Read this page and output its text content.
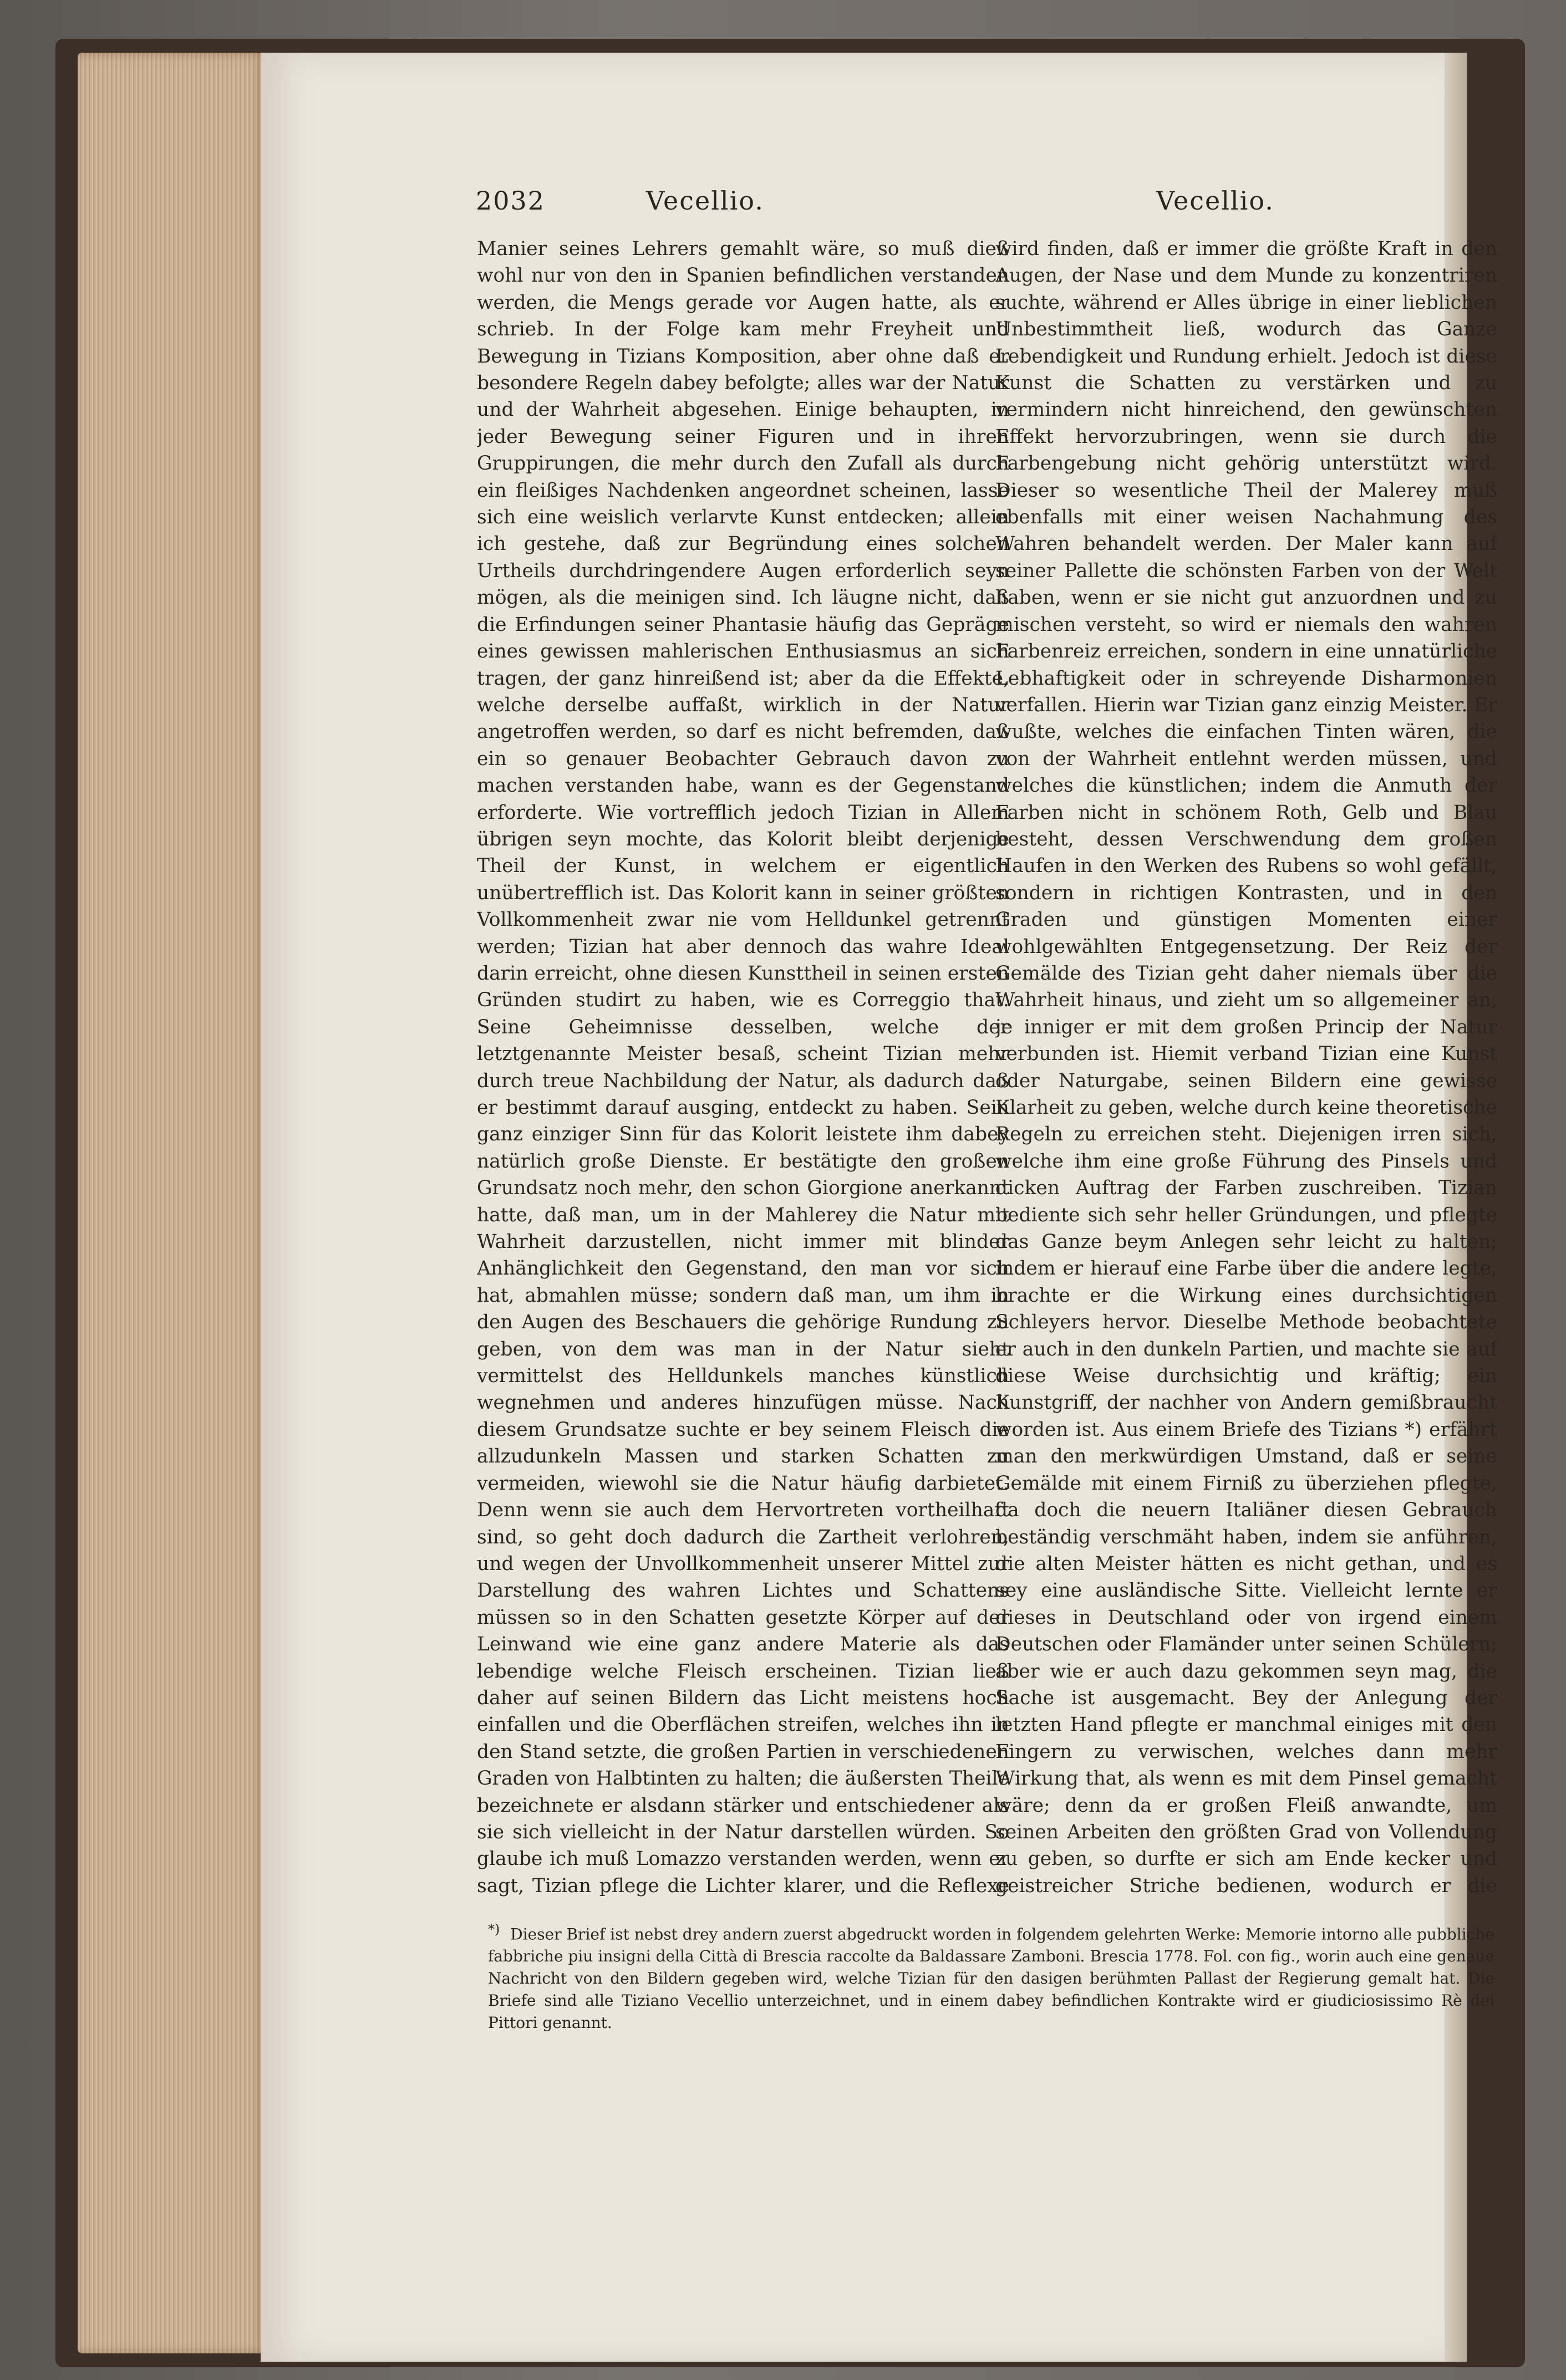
2032	Vecellio.	Vecellio.

Manier seines Lehrers gemahlt wäre, so muß dieß wohl nur von den in Spanien befindlichen verstanden werden, die Mengs gerade vor Augen hatte, als er schrieb. In der Folge kam mehr Freyheit und Bewegung in Tizians Komposition, aber ohne daß er besondere Regeln dabey befolgte; alles war der Natur und der Wahrheit abgesehen. Einige behaupten, in jeder Bewegung seiner Figuren und in ihren Gruppirungen, die mehr durch den Zufall als durch ein fleißiges Nachdenken angeordnet scheinen, lasse sich eine weislich verlarvte Kunst entdecken; allein ich gestehe, daß zur Begründung eines solchen Urtheils durchdringendere Augen erforderlich seyn mögen, als die meinigen sind. Ich läugne nicht, daß die Erfindungen seiner Phantasie häufig das Gepräge eines gewissen mahlerischen Enthusiasmus an sich tragen, der ganz hinreißend ist; aber da die Effekte, welche derselbe auffaßt, wirklich in der Natur angetroffen werden, so darf es nicht befremden, daß ein so genauer Beobachter Gebrauch davon zu machen verstanden habe, wann es der Gegenstand erforderte. Wie vortrefflich jedoch Tizian in Allem übrigen seyn mochte, das Kolorit bleibt derjenige Theil der Kunst, in welchem er eigentlich unübertrefflich ist. Das Kolorit kann in seiner größten Vollkommenheit zwar nie vom Helldunkel getrennt werden; Tizian hat aber dennoch das wahre Ideal darin erreicht, ohne diesen Kunsttheil in seinen ersten Gründen studirt zu haben, wie es Correggio that. Seine Geheimnisse desselben, welche der letztgenannte Meister besaß, scheint Tizian mehr durch treue Nachbildung der Natur, als dadurch daß er bestimmt darauf ausging, entdeckt zu haben. Sein ganz einziger Sinn für das Kolorit leistete ihm dabey natürlich große Dienste. Er bestätigte den großen Grundsatz noch mehr, den schon Giorgione anerkannt hatte, daß man, um in der Mahlerey die Natur mit Wahrheit darzustellen, nicht immer mit blinder Anhänglichkeit den Gegenstand, den man vor sich hat, abmahlen müsse; sondern daß man, um ihm in den Augen des Beschauers die gehörige Rundung zu geben, von dem was man in der Natur sieht vermittelst des Helldunkels manches künstlich wegnehmen und anderes hinzufügen müsse. Nach diesem Grundsatze suchte er bey seinem Fleisch die allzudunkeln Massen und starken Schatten zu vermeiden, wiewohl sie die Natur häufig darbietet. Denn wenn sie auch dem Hervortreten vortheilhaft sind, so geht doch dadurch die Zartheit verlohren, und wegen der Unvollkommenheit unserer Mittel zur Darstellung des wahren Lichtes und Schattens müssen so in den Schatten gesetzte Körper auf der Leinwand wie eine ganz andere Materie als das lebendige welche Fleisch erscheinen. Tizian ließ daher auf seinen Bildern das Licht meistens hoch einfallen und die Oberflächen streifen, welches ihn in den Stand setzte, die großen Partien in verschiedenen Graden von Halbtinten zu halten; die äußersten Theile bezeichnete er alsdann stärker und entschiedener als sie sich vielleicht in der Natur darstellen würden. So glaube ich muß Lomazzo verstanden werden, wenn er sagt, Tizian pflege die Lichter klarer, und die Reflexe

wird finden, daß er immer die größte Kraft in den Augen, der Nase und dem Munde zu konzentriren suchte, während er Alles übrige in einer lieblichen Unbestimmtheit ließ, wodurch das Ganze Lebendigkeit und Rundung erhielt. Jedoch ist diese Kunst die Schatten zu verstärken und zu vermindern nicht hinreichend, den gewünschten Effekt hervorzubringen, wenn sie durch die Farbengebung nicht gehörig unterstützt wird. Dieser so wesentliche Theil der Malerey muß ebenfalls mit einer weisen Nachahmung des Wahren behandelt werden. Der Maler kann auf seiner Pallette die schönsten Farben von der Welt haben, wenn er sie nicht gut anzuordnen und zu mischen versteht, so wird er niemals den wahren Farbenreiz erreichen, sondern in eine unnatürliche Lebhaftigkeit oder in schreyende Disharmonien verfallen. Hierin war Tizian ganz einzig Meister. Er wußte, welches die einfachen Tinten wären, die von der Wahrheit entlehnt werden müssen, und welches die künstlichen; indem die Anmuth der Farben nicht in schönem Roth, Gelb und Blau besteht, dessen Verschwendung dem großen Haufen in den Werken des Rubens so wohl gefällt, sondern in richtigen Kontrasten, und in den Graden und günstigen Momenten einer wohlgewählten Entgegensetzung. Der Reiz der Gemälde des Tizian geht daher niemals über die Wahrheit hinaus, und zieht um so allgemeiner an, je inniger er mit dem großen Princip der Natur verbunden ist. Hiemit verband Tizian eine Kunst oder Naturgabe, seinen Bildern eine gewisse Klarheit zu geben, welche durch keine theoretische Regeln zu erreichen steht. Diejenigen irren sich, welche ihm eine große Führung des Pinsels und dicken Auftrag der Farben zuschreiben. Tizian bediente sich sehr heller Gründungen, und pflegte das Ganze beym Anlegen sehr leicht zu halten; indem er hierauf eine Farbe über die andere legte, brachte er die Wirkung eines durchsichtigen Schleyers hervor. Dieselbe Methode beobachtete er auch in den dunkeln Partien, und machte sie auf diese Weise durchsichtig und kräftig; ein Kunstgriff, der nachher von Andern gemißbraucht worden ist. Aus einem Briefe des Tizians *) erfährt man den merkwürdigen Umstand, daß er seine Gemälde mit einem Firniß zu überziehen pflegte, da doch die neuern Italiäner diesen Gebrauch beständig verschmäht haben, indem sie anführen, die alten Meister hätten es nicht gethan, und es sey eine ausländische Sitte. Vielleicht lernte er dieses in Deutschland oder von irgend einem Deutschen oder Flamänder unter seinen Schülern; aber wie er auch dazu gekommen seyn mag, die Sache ist ausgemacht. Bey der Anlegung der letzten Hand pflegte er manchmal einiges mit den Fingern zu verwischen, welches dann mehr Wirkung that, als wenn es mit dem Pinsel gemacht wäre; denn da er großen Fleiß anwandte, um seinen Arbeiten den größten Grad von Vollendung zu geben, so durfte er sich am Ende kecker und geistreicher Striche bedienen, wodurch er die

*) Dieser Brief ist nebst drey andern zuerst abgedruckt worden in folgendem gelehrten Werke: Memorie intorno alle pubbliche fabbriche piu insigni della Città di Brescia raccolte da Baldassare Zamboni. Brescia 1778. Fol. con fig., worin auch eine genaue Nachricht von den Bildern gegeben wird, welche Tizian für den dasigen berühmten Pallast der Regierung gemalt hat. Die Briefe sind alle Tiziano Vecellio unterzeichnet, und in einem dabey befindlichen Kontrakte wird er giudiciosissimo Rè dei Pittori genannt.
